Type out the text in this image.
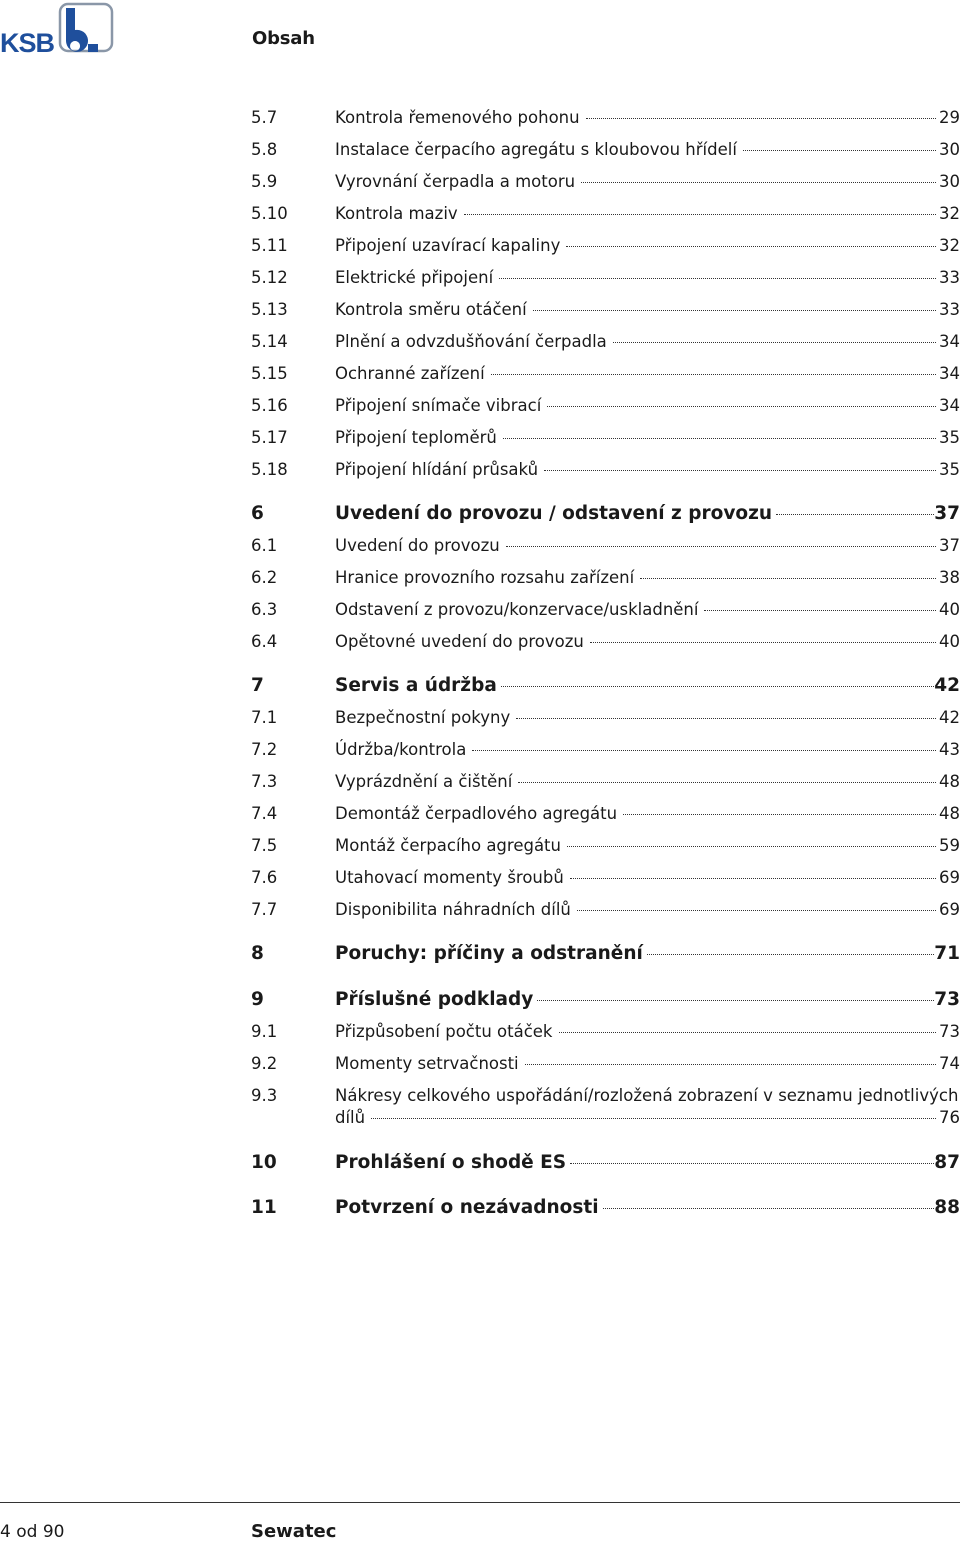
KSB	Obsah
5.7	Kontrola řemenového pohonu	29
5.8	Instalace čerpacího agregátu s kloubovou hřídelí	30
5.9	Vyrovnání čerpadla a motoru	30
5.10	Kontrola maziv	32
5.11	Připojení uzavírací kapaliny	32
5.12	Elektrické připojení	33
5.13	Kontrola směru otáčení	33
5.14	Plnění a odvzdušňování čerpadla	34
5.15	Ochranné zařízení	34
5.16	Připojení snímače vibrací	34
5.17	Připojení teploměrů	35
5.18	Připojení hlídání průsaků	35
6	Uvedení do provozu / odstavení z provozu	37
6.1	Uvedení do provozu	37
6.2	Hranice provozního rozsahu zařízení	38
6.3	Odstavení z provozu/konzervace/uskladnění	40
6.4	Opětovné uvedení do provozu	40
7	Servis a údržba	42
7.1	Bezpečnostní pokyny	42
7.2	Údržba/kontrola	43
7.3	Vyprázdnění a čištění	48
7.4	Demontáž čerpadlového agregátu	48
7.5	Montáž čerpacího agregátu	59
7.6	Utahovací momenty šroubů	69
7.7	Disponibilita náhradních dílů	69
8	Poruchy: příčiny a odstranění	71
9	Příslušné podklady	73
9.1	Přizpůsobení počtu otáček	73
9.2	Momenty setrvačnosti	74
9.3	Nákresy celkového uspořádání/rozložená zobrazení v seznamu jednotlivých
dílů	76
10	Prohlášení o shodě ES	87
11	Potvrzení o nezávadnosti	88
4 od 90	Sewatec
